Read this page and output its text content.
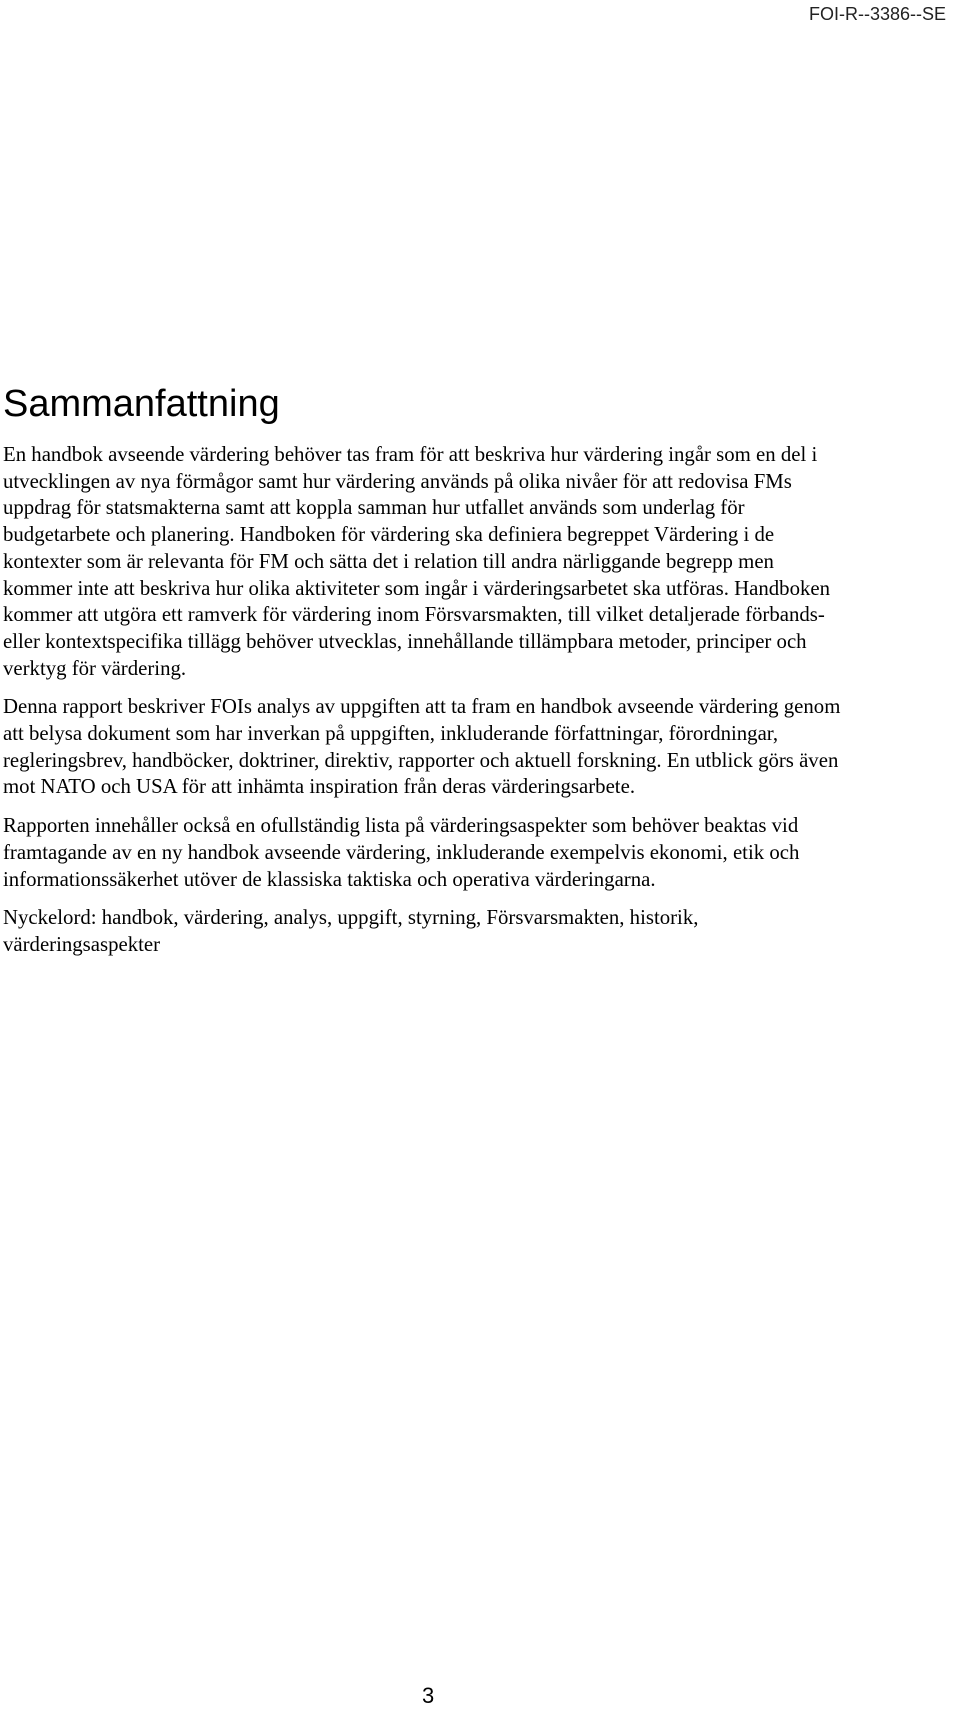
FOI-R--3386--SE

Sammanfattning

En handbok avseende värdering behöver tas fram för att beskriva hur värdering ingår som en del i utvecklingen av nya förmågor samt hur värdering används på olika nivåer för att redovisa FMs uppdrag för statsmakterna samt att koppla samman hur utfallet används som underlag för budgetarbete och planering. Handboken för värdering ska definiera begreppet Värdering i de kontexter som är relevanta för FM och sätta det i relation till andra närliggande begrepp men kommer inte att beskriva hur olika aktiviteter som ingår i värderingsarbetet ska utföras. Handboken kommer att utgöra ett ramverk för värdering inom Försvarsmakten, till vilket detaljerade förbands- eller kontextspecifika tillägg behöver utvecklas, innehållande tillämpbara metoder, principer och verktyg för värdering.

Denna rapport beskriver FOIs analys av uppgiften att ta fram en handbok avseende värdering genom att belysa dokument som har inverkan på uppgiften, inkluderande författningar, förordningar, regleringsbrev, handböcker, doktriner, direktiv, rapporter och aktuell forskning. En utblick görs även mot NATO och USA för att inhämta inspiration från deras värderingsarbete.

Rapporten innehåller också en ofullständig lista på värderingsaspekter som behöver beaktas vid framtagande av en ny handbok avseende värdering, inkluderande exempelvis ekonomi, etik och informationssäkerhet utöver de klassiska taktiska och operativa värderingarna.

Nyckelord: handbok, värdering, analys, uppgift, styrning, Försvarsmakten, historik, värderingsaspekter

3
